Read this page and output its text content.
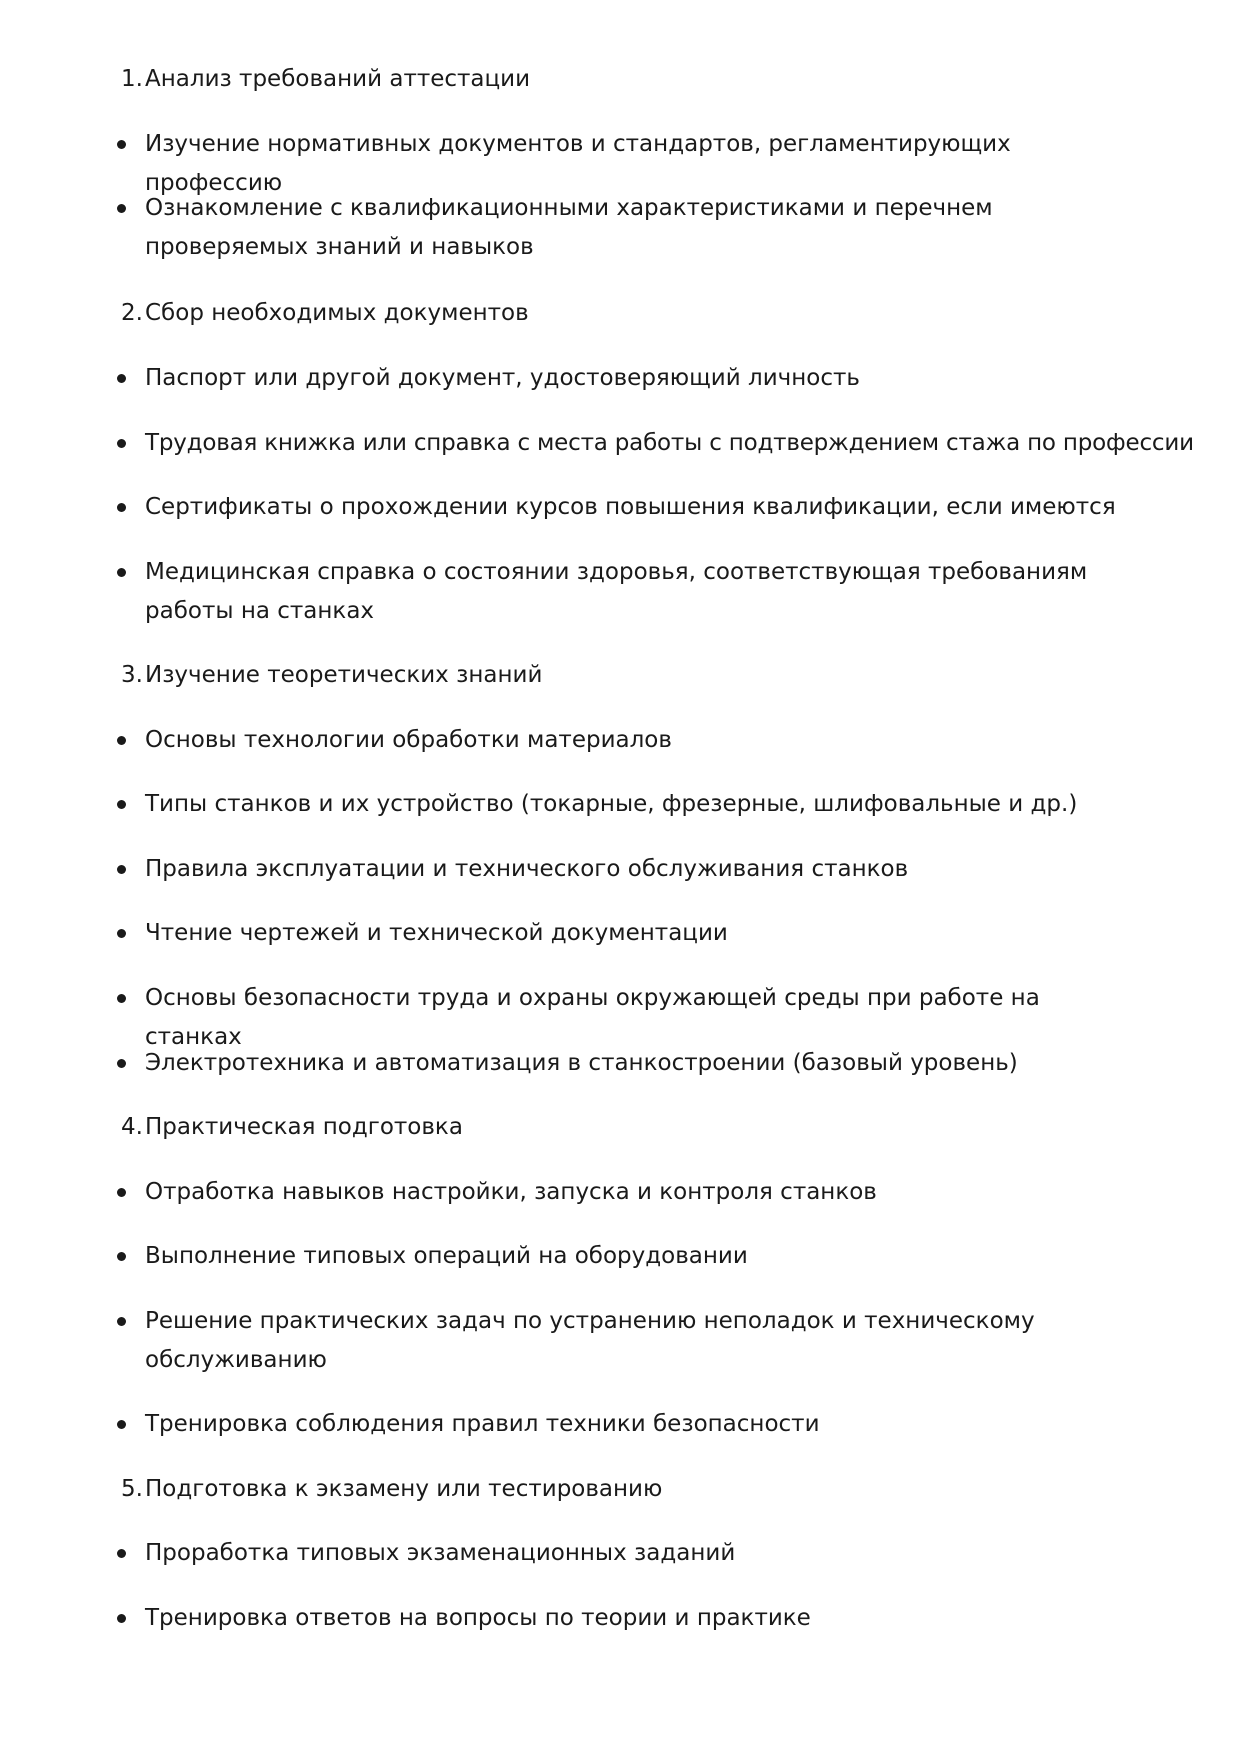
1. Анализ требований аттестации
Изучение нормативных документов и стандартов, регламентирующих профессию
Ознакомление с квалификационными характеристиками и перечнем проверяемых знаний и навыков
2. Сбор необходимых документов
Паспорт или другой документ, удостоверяющий личность
Трудовая книжка или справка с места работы с подтверждением стажа по профессии
Сертификаты о прохождении курсов повышения квалификации, если имеются
Медицинская справка о состоянии здоровья, соответствующая требованиям работы на станках
3. Изучение теоретических знаний
Основы технологии обработки материалов
Типы станков и их устройство (токарные, фрезерные, шлифовальные и др.)
Правила эксплуатации и технического обслуживания станков
Чтение чертежей и технической документации
Основы безопасности труда и охраны окружающей среды при работе на станках
Электротехника и автоматизация в станкостроении (базовый уровень)
4. Практическая подготовка
Отработка навыков настройки, запуска и контроля станков
Выполнение типовых операций на оборудовании
Решение практических задач по устранению неполадок и техническому обслуживанию
Тренировка соблюдения правил техники безопасности
5. Подготовка к экзамену или тестированию
Проработка типовых экзаменационных заданий
Тренировка ответов на вопросы по теории и практике
